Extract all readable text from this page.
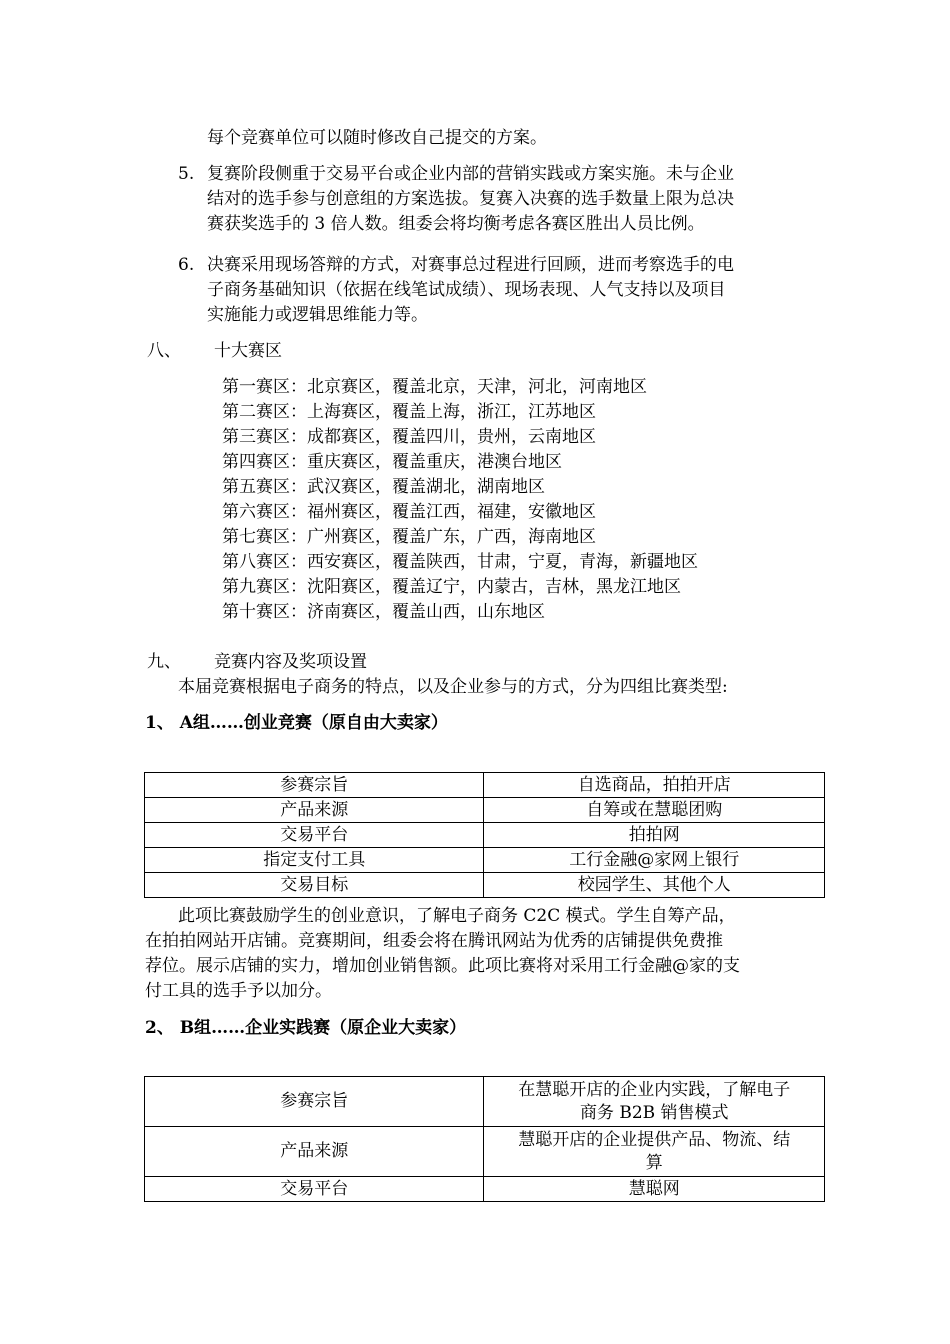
每个竞赛单位可以随时修改自己提交的方案。
5. 复赛阶段侧重于交易平台或企业内部的营销实践或方案实施。未与企业
结对的选手参与创意组的方案选拔。复赛入决赛的选手数量上限为总决
赛获奖选手的 3 倍人数。组委会将均衡考虑各赛区胜出人员比例。
6. 决赛采用现场答辩的方式，对赛事总过程进行回顾，进而考察选手的电
子商务基础知识（依据在线笔试成绩）、现场表现、人气支持以及项目
实施能力或逻辑思维能力等。
八、 十大赛区
第一赛区：北京赛区，覆盖北京，天津，河北，河南地区
第二赛区：上海赛区，覆盖上海，浙江，江苏地区
第三赛区：成都赛区，覆盖四川，贵州，云南地区
第四赛区：重庆赛区，覆盖重庆，港澳台地区
第五赛区：武汉赛区，覆盖湖北，湖南地区
第六赛区：福州赛区，覆盖江西，福建，安徽地区
第七赛区：广州赛区，覆盖广东，广西，海南地区
第八赛区：西安赛区，覆盖陕西，甘肃，宁夏，青海，新疆地区
第九赛区：沈阳赛区，覆盖辽宁，内蒙古，吉林，黑龙江地区
第十赛区：济南赛区，覆盖山西，山东地区
九、 竞赛内容及奖项设置
本届竞赛根据电子商务的特点，以及企业参与的方式，分为四组比赛类型:
1、 A组……创业竞赛（原自由大卖家）
参赛宗旨	自选商品，拍拍开店
产品来源	自筹或在慧聪团购
交易平台	拍拍网
指定支付工具	工行金融@家网上银行
交易目标	校园学生、其他个人
此项比赛鼓励学生的创业意识，了解电子商务 C2C 模式。学生自筹产品，
在拍拍网站开店铺。竞赛期间，组委会将在腾讯网站为优秀的店铺提供免费推
荐位。展示店铺的实力，增加创业销售额。此项比赛将对采用工行金融@家的支
付工具的选手予以加分。
2、 B组……企业实践赛（原企业大卖家）
参赛宗旨	在慧聪开店的企业内实践，了解电子
商务 B2B 销售模式
产品来源	慧聪开店的企业提供产品、物流、结
算
交易平台	慧聪网
